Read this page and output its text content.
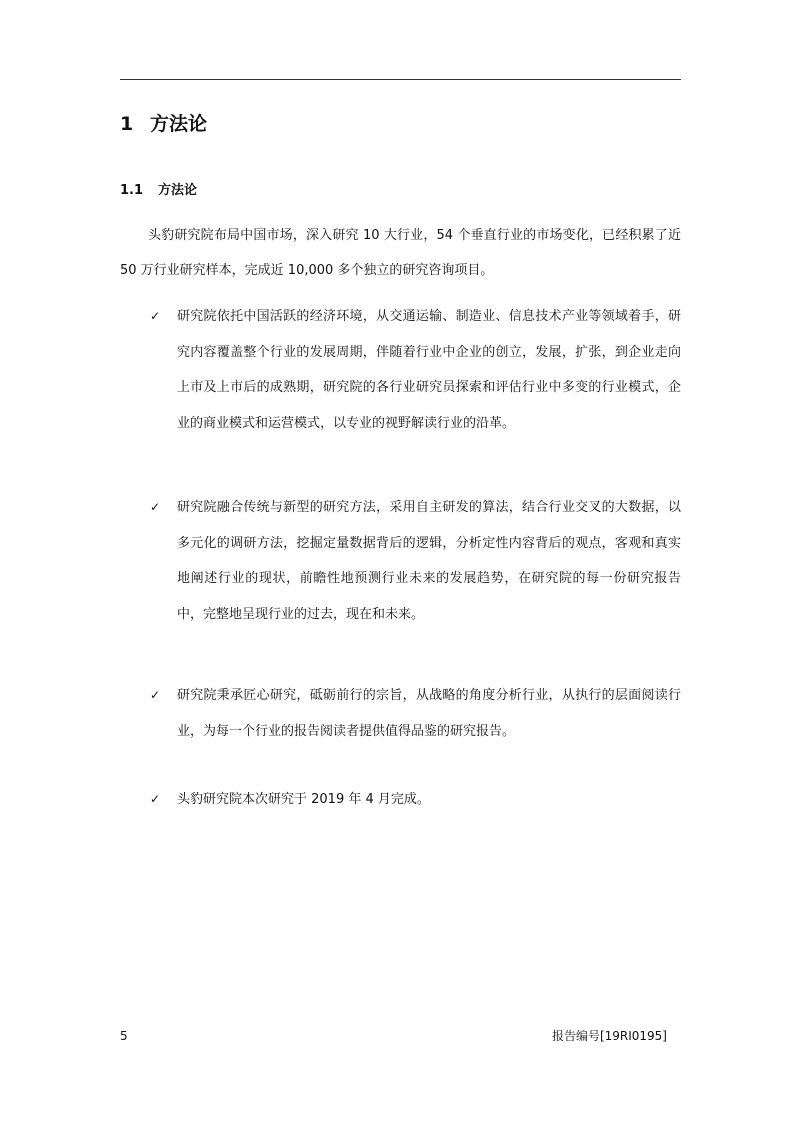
1 方法论
1.1 方法论

头豹研究院布局中国市场，深入研究 10 大行业，54 个垂直行业的市场变化，已经积累了近 50 万行业研究样本，完成近 10,000 多个独立的研究咨询项目。

✓	研究院依托中国活跃的经济环境，从交通运输、制造业、信息技术产业等领域着手，研究内容覆盖整个行业的发展周期，伴随着行业中企业的创立，发展，扩张，到企业走向上市及上市后的成熟期，研究院的各行业研究员探索和评估行业中多变的行业模式，企业的商业模式和运营模式，以专业的视野解读行业的沿革。
✓	研究院融合传统与新型的研究方法，采用自主研发的算法，结合行业交叉的大数据，以多元化的调研方法，挖掘定量数据背后的逻辑，分析定性内容背后的观点，客观和真实地阐述行业的现状，前瞻性地预测行业未来的发展趋势，在研究院的每一份研究报告中，完整地呈现行业的过去，现在和未来。
✓	研究院秉承匠心研究，砥砺前行的宗旨，从战略的角度分析行业，从执行的层面阅读行业，为每一个行业的报告阅读者提供值得品鉴的研究报告。
✓	头豹研究院本次研究于 2019 年 4 月完成。
5	报告编号[19RI0195]
